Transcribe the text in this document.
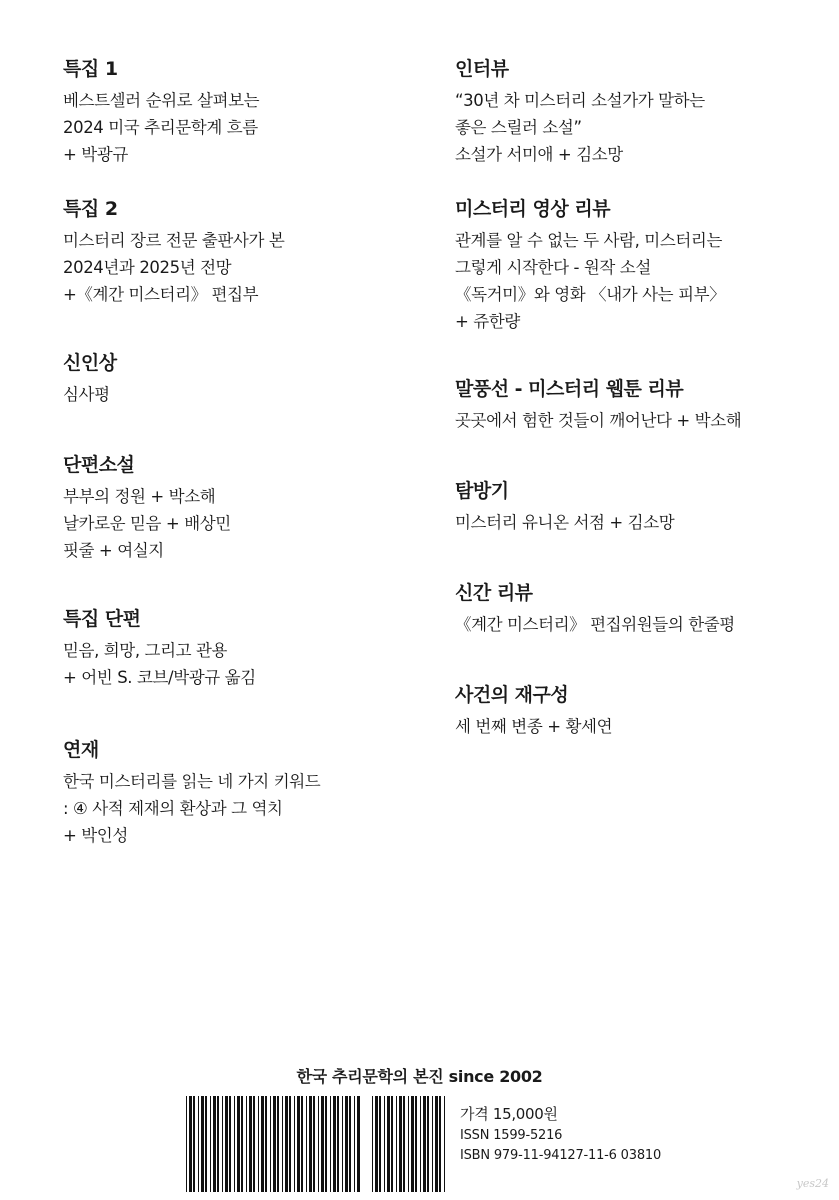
특집 1
베스트셀러 순위로 살펴보는
2024 미국 추리문학계 흐름
+ 박광규
특집 2
미스터리 장르 전문 출판사가 본
2024년과 2025년 전망
+《계간 미스터리》 편집부
신인상
심사평
단편소설
부부의 정원 + 박소해
날카로운 믿음 + 배상민
핏줄 + 여실지
특집 단편
믿음, 희망, 그리고 관용
+ 어빈 S. 코브/박광규 옮김
연재
한국 미스터리를 읽는 네 가지 키워드
: ④ 사적 제재의 환상과 그 역치
+ 박인성
인터뷰
“30년 차 미스터리 소설가가 말하는
좋은 스릴러 소설”
소설가 서미애 + 김소망
미스터리 영상 리뷰
관계를 알 수 없는 두 사람, 미스터리는
그렇게 시작한다 - 원작 소설
《독거미》와 영화 〈내가 사는 피부〉
+ 쥬한량
말풍선 - 미스터리 웹툰 리뷰
곳곳에서 험한 것들이 깨어난다 + 박소해
탐방기
미스터리 유니온 서점 + 김소망
신간 리뷰
《계간 미스터리》 편집위원들의 한줄평
사건의 재구성
세 번째 변종 + 황세연
한국 추리문학의 본진 since 2002
가격 15,000원
ISSN 1599-5216
ISBN 979-11-94127-11-6 03810
yes24
